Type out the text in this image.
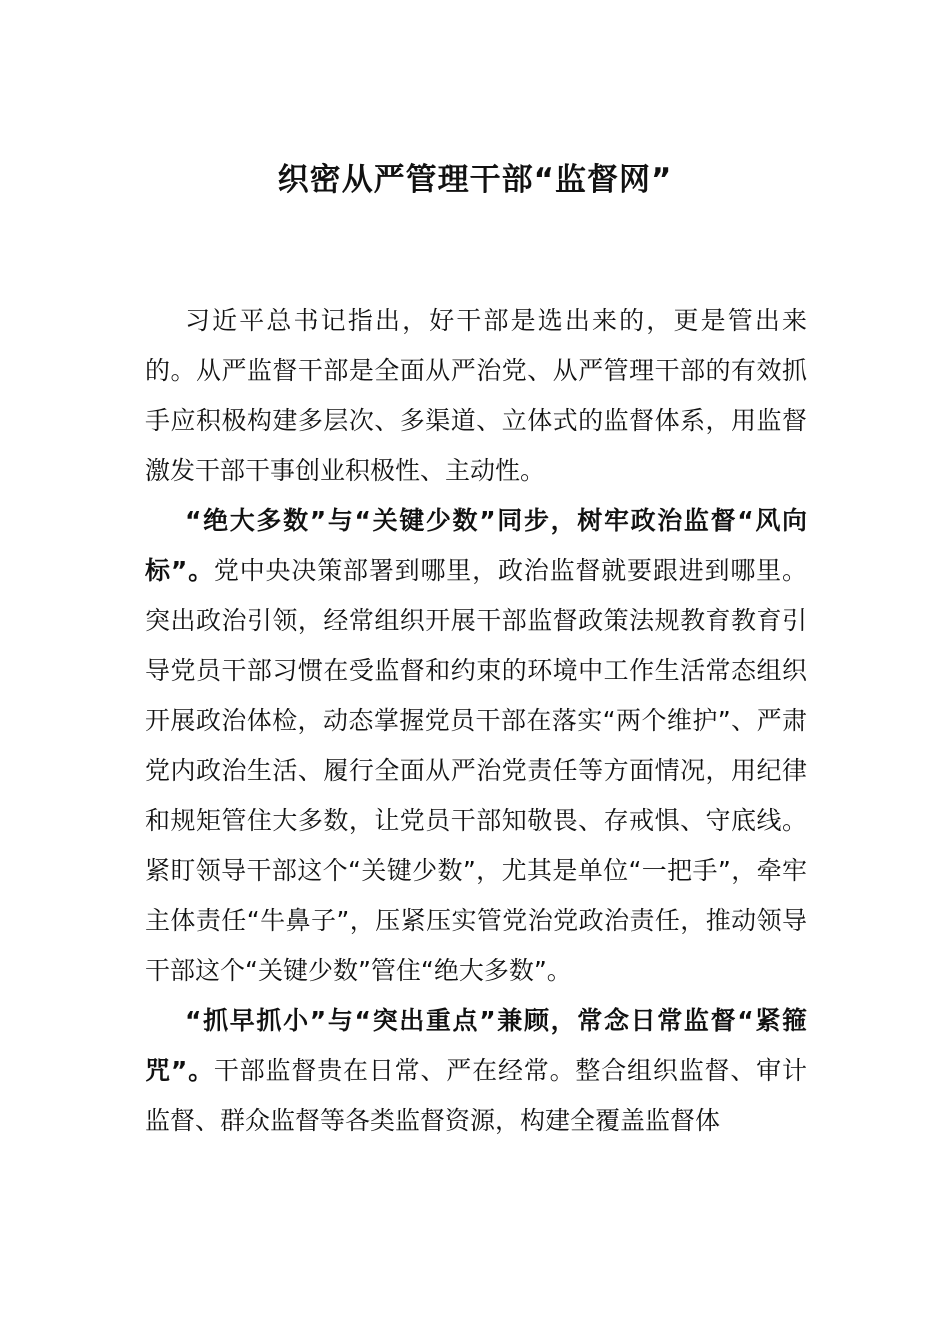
织密从严管理干部“监督网”

习近平总书记指出，好干部是选出来的，更是管出来的。从严监督干部是全面从严治党、从严管理干部的有效抓手应积极构建多层次、多渠道、立体式的监督体系，用监督激发干部干事创业积极性、主动性。

“绝大多数”与“关键少数”同步，树牢政治监督“风向标”。党中央决策部署到哪里，政治监督就要跟进到哪里。突出政治引领，经常组织开展干部监督政策法规教育教育引导党员干部习惯在受监督和约束的环境中工作生活常态组织开展政治体检，动态掌握党员干部在落实“两个维护”、严肃党内政治生活、履行全面从严治党责任等方面情况，用纪律和规矩管住大多数，让党员干部知敬畏、存戒惧、守底线。紧盯领导干部这个“关键少数”，尤其是单位“一把手”，牵牢主体责任“牛鼻子”，压紧压实管党治党政治责任，推动领导干部这个“关键少数”管住“绝大多数”。

“抓早抓小”与“突出重点”兼顾，常念日常监督“紧箍咒”。干部监督贵在日常、严在经常。整合组织监督、审计监督、群众监督等各类监督资源，构建全覆盖监督体
